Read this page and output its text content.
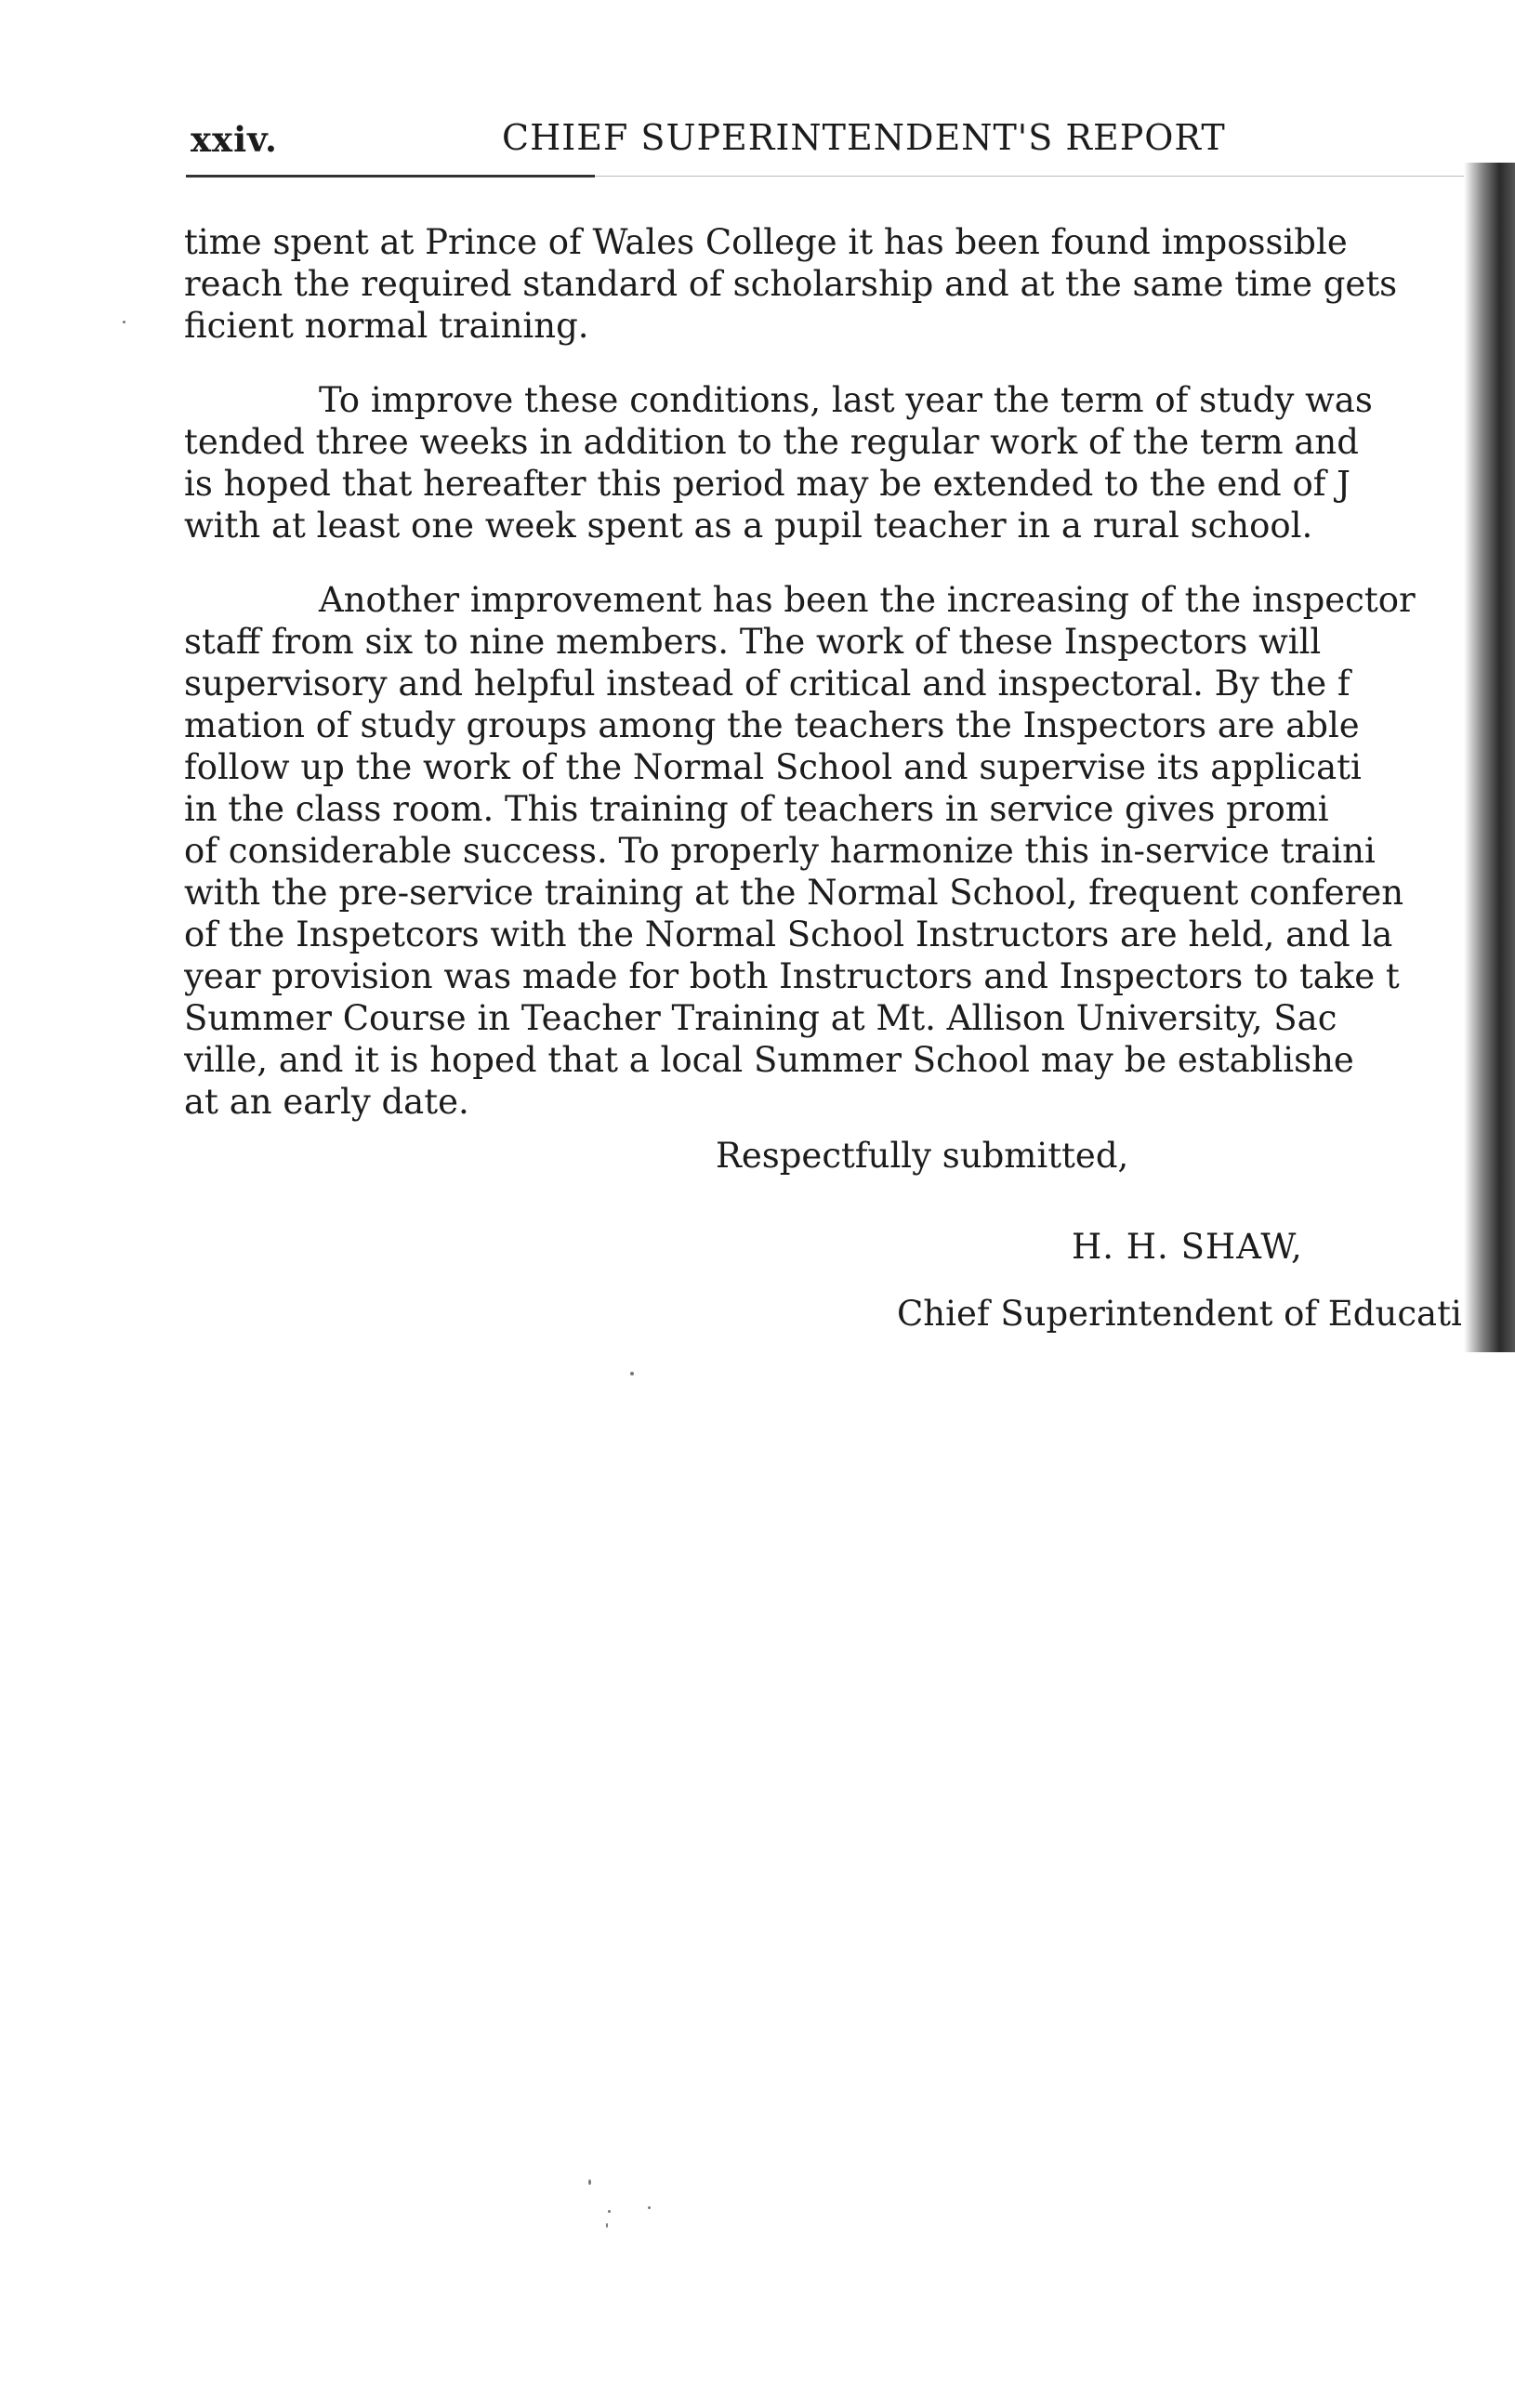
xxiv.	CHIEF SUPERINTENDENT'S REPORT
time spent at Prince of Wales College it has been found impossible
reach the required standard of scholarship and at the same time gets
ficient normal training.
To improve these conditions, last year the term of study was
tended three weeks in addition to the regular work of the term and
is hoped that hereafter this period may be extended to the end of J
with at least one week spent as a pupil teacher in a rural school.
Another improvement has been the increasing of the inspector
staff from six to nine members. The work of these Inspectors will
supervisory and helpful instead of critical and inspectoral. By the f
mation of study groups among the teachers the Inspectors are able
follow up the work of the Normal School and supervise its applicati
in the class room. This training of teachers in service gives promi
of considerable success. To properly harmonize this in-service traini
with the pre-service training at the Normal School, frequent conferen
of the Inspetcors with the Normal School Instructors are held, and la
year provision was made for both Instructors and Inspectors to take t
Summer Course in Teacher Training at Mt. Allison University, Sac
ville, and it is hoped that a local Summer School may be establishe
at an early date.
Respectfully submitted,
H. H. SHAW,
Chief Superintendent of Educati
